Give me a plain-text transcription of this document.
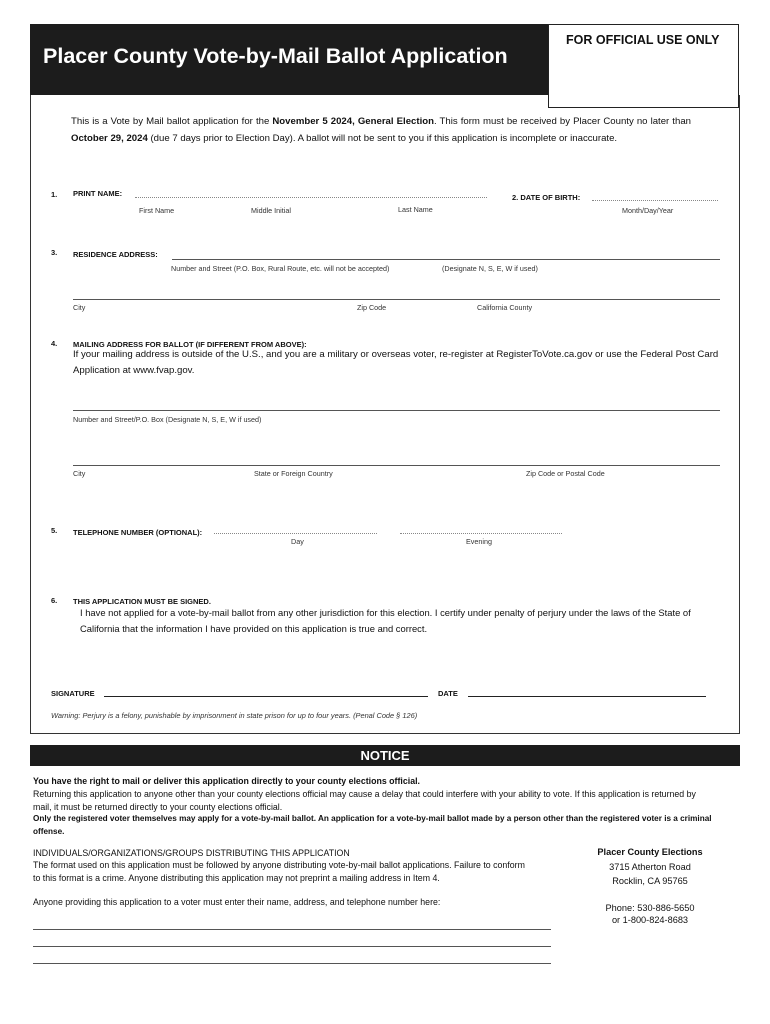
Placer County Vote-by-Mail Ballot Application
FOR OFFICIAL USE ONLY
This is a Vote by Mail ballot application for the November 5 2024, General Election. This form must be received by Placer County no later than October 29, 2024 (due 7 days prior to Election Day). A ballot will not be sent to you if this application is incomplete or inaccurate.
1. PRINT NAME:
First Name	Middle Initial	Last Name
2. DATE OF BIRTH:
Month/Day/Year
3. RESIDENCE ADDRESS:
Number and Street (P.O. Box, Rural Route, etc. will not be accepted)	(Designate N, S, E, W if used)
City	Zip Code	California County
4. MAILING ADDRESS FOR BALLOT (IF DIFFERENT FROM ABOVE):
If your mailing address is outside of the U.S., and you are a military or overseas voter, re-register at RegisterToVote.ca.gov or use the Federal Post Card Application at www.fvap.gov.
Number and Street/P.O. Box (Designate N, S, E, W if used)
City	State or Foreign Country	Zip Code or Postal Code
5. TELEPHONE NUMBER (OPTIONAL):
Day	Evening
6. THIS APPLICATION MUST BE SIGNED.
I have not applied for a vote-by-mail ballot from any other jurisdiction for this election. I certify under penalty of perjury under the laws of the State of California that the information I have provided on this application is true and correct.
SIGNATURE	DATE
Warning: Perjury is a felony, punishable by imprisonment in state prison for up to four years. (Penal Code § 126)
NOTICE
You have the right to mail or deliver this application directly to your county elections official.
Returning this application to anyone other than your county elections official may cause a delay that could interfere with your ability to vote. If this application is returned by mail, it must be returned directly to your county elections official.
Only the registered voter themselves may apply for a vote-by-mail ballot. An application for a vote-by-mail ballot made by a person other than the registered voter is a criminal offense.
INDIVIDUALS/ORGANIZATIONS/GROUPS DISTRIBUTING THIS APPLICATION
The format used on this application must be followed by anyone distributing vote-by-mail ballot applications. Failure to conform to this format is a crime. Anyone distributing this application may not preprint a mailing address in Item 4.
Anyone providing this application to a voter must enter their name, address, and telephone number here:
Placer County Elections
3715 Atherton Road
Rocklin, CA 95765
Phone: 530-886-5650
or 1-800-824-8683
